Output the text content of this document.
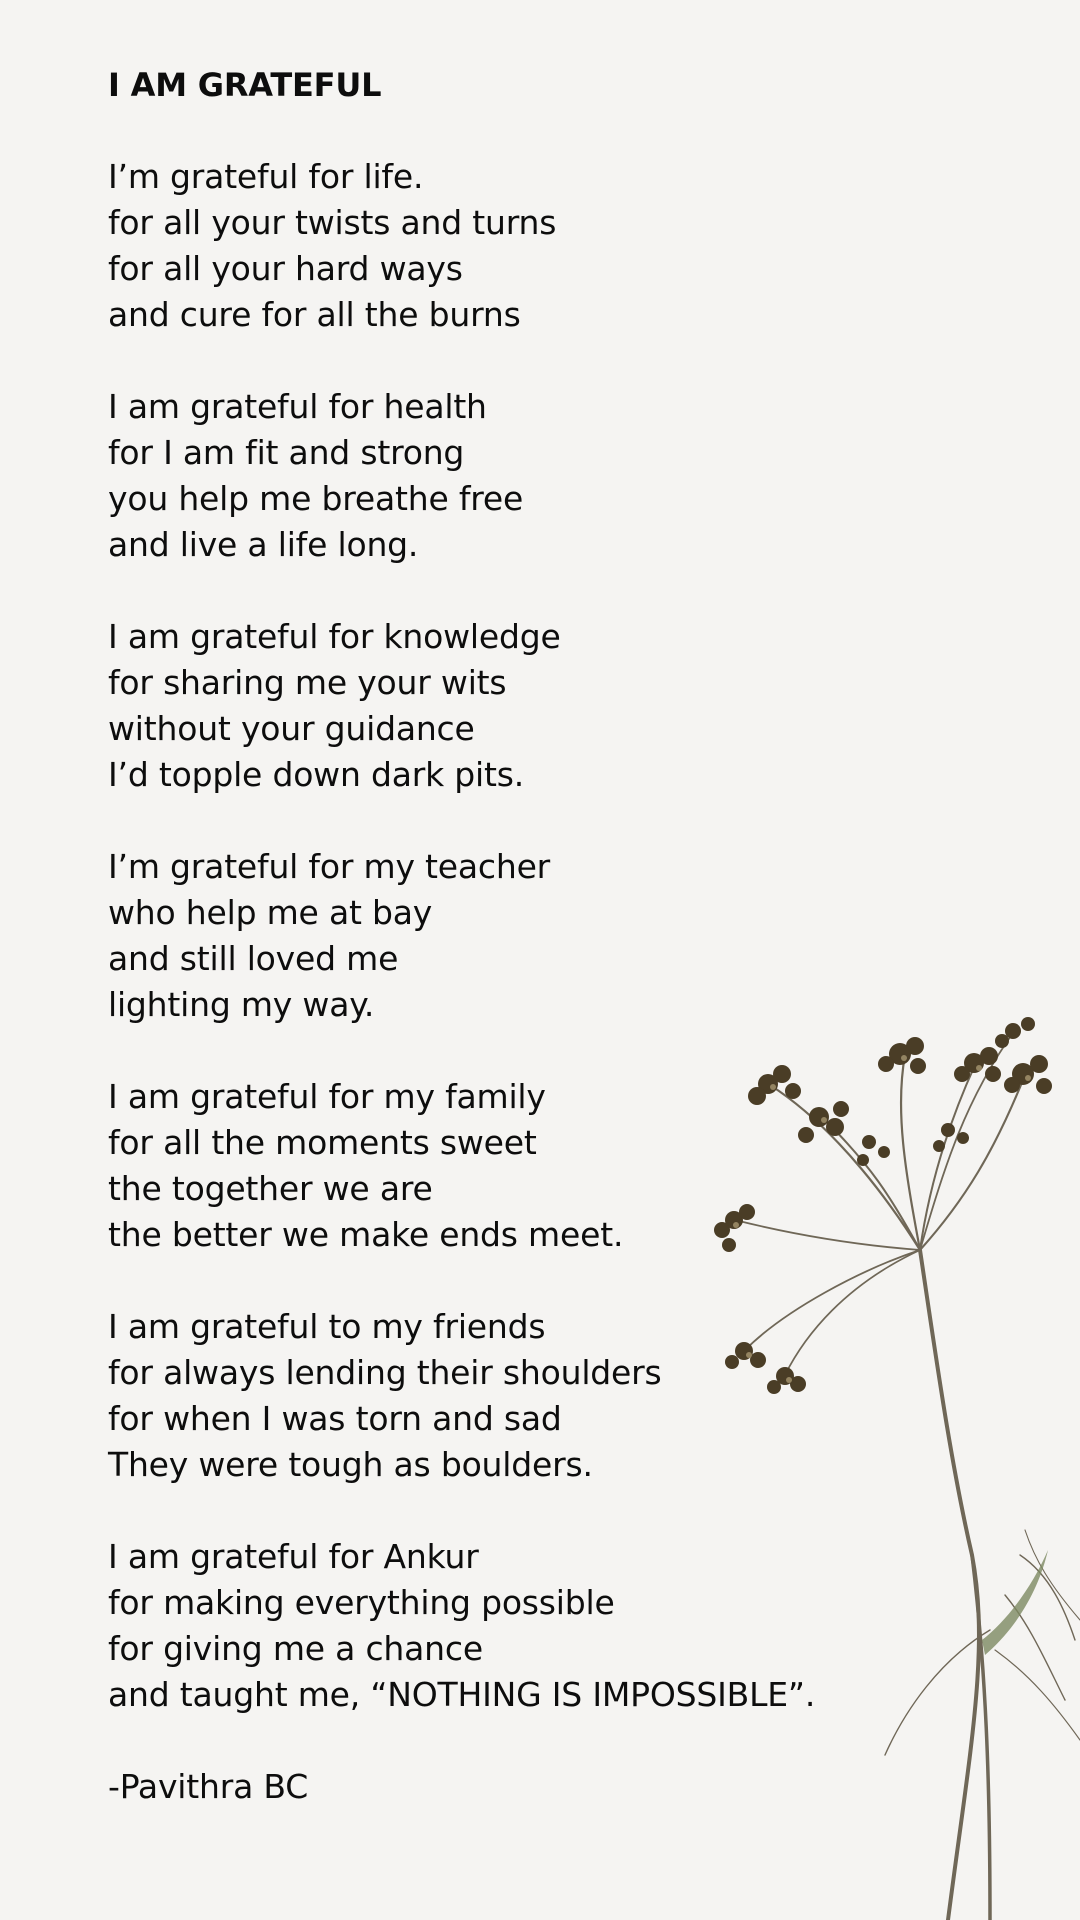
I AM GRATEFUL
I’m grateful for life.
for all your twists and turns
for all your hard ways
and cure for all the burns
I am grateful for health
for I am fit and strong
you help me breathe free
and live a life long.
I am grateful for knowledge
for sharing me your wits
without your guidance
I’d topple down dark pits.
I’m grateful for my teacher
who help me at bay
and still loved me
lighting my way.
I am grateful for my family
for all the moments sweet
the together we are
the better we make ends meet.
I am grateful to my friends
for always lending their shoulders
for when I was torn and sad
They were tough as boulders.
I am grateful for Ankur
for making everything possible
for giving me a chance
and taught me, “NOTHING IS IMPOSSIBLE”.
-Pavithra BC
